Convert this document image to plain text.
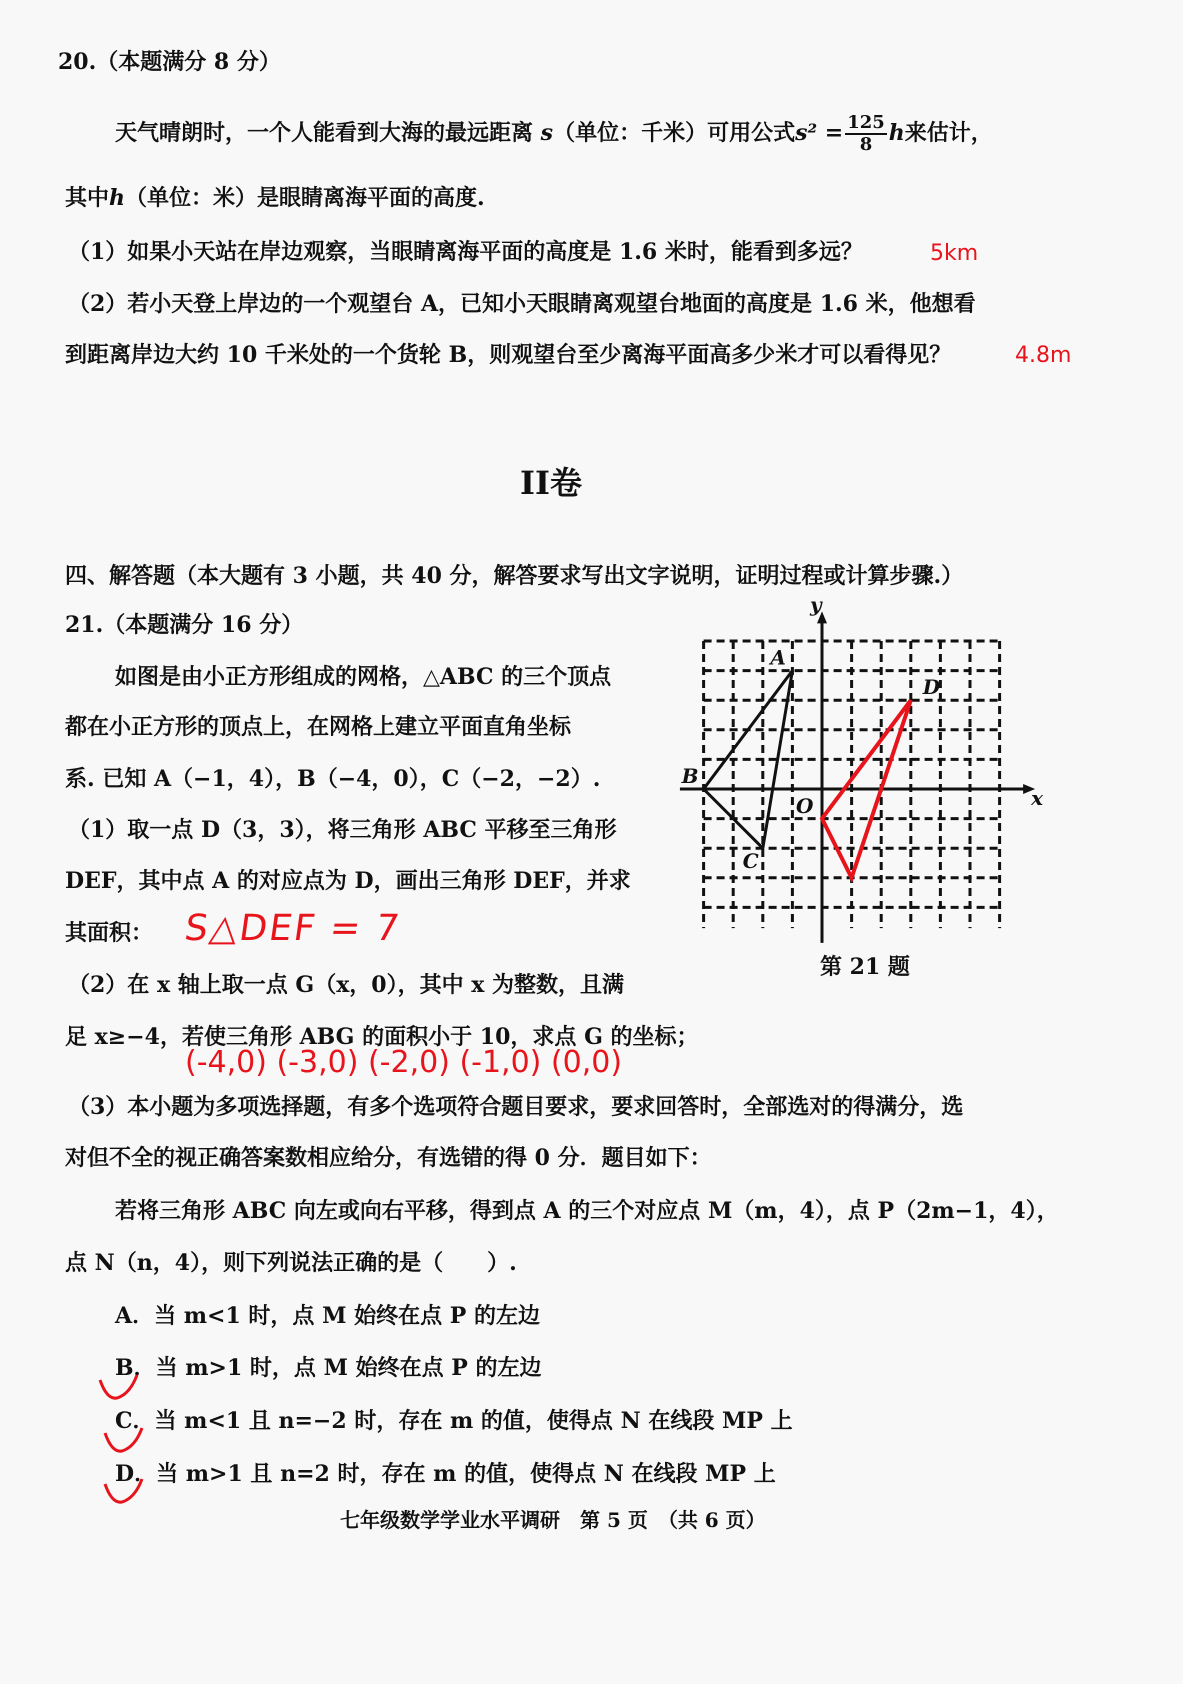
20.（本题满分 8 分）
天气晴朗时，一个人能看到大海的最远距离 s（单位：千米）可用公式$s^2 = \frac{125}{8}$ h来估计，
其中h（单位：米）是眼睛离海平面的高度.
（1）如果小天站在岸边观察，当眼睛离海平面的高度是 1.6 米时，能看到多远？	5km
（2）若小天登上岸边的一个观望台 A，已知小天眼睛离观望台地面的高度是 1.6 米，他想看
到距离岸边大约 10 千米处的一个货轮 B，则观望台至少离海平面高多少米才可以看得见？	4.8m
II卷
四、解答题（本大题有 3 小题，共 40 分，解答要求写出文字说明，证明过程或计算步骤.）
21.（本题满分 16 分）
如图是由小正方形组成的网格，△ABC 的三个顶点
都在小正方形的顶点上，在网格上建立平面直角坐标
系. 已知 A（−1，4），B（−4，0），C（−2，−2）.
（1）取一点 D（3，3），将三角形 ABC 平移至三角形
DEF，其中点 A 的对应点为 D，画出三角形 DEF，并求
其面积： S△DEF = 7
A
B
C
D
O	x
y
第 21 题
（2）在 x 轴上取一点 G（x，0），其中 x 为整数，且满
足 x≥−4，若使三角形 ABG 的面积小于 10，求点 G 的坐标；
(-4,0) (-3,0) (-2,0) (-1,0) (0,0)
（3）本小题为多项选择题，有多个选项符合题目要求，要求回答时，全部选对的得满分，选
对但不全的视正确答案数相应给分，有选错的得 0 分．题目如下：
若将三角形 ABC 向左或向右平移，得到点 A 的三个对应点 M（m，4），点 P（2m−1，4），
点 N（n，4），则下列说法正确的是（　　）.
A．当 m<1 时，点 M 始终在点 P 的左边
B．当 m>1 时，点 M 始终在点 P 的左边
C．当 m<1 且 n=−2 时，存在 m 的值，使得点 N 在线段 MP 上
D．当 m>1 且 n=2 时，存在 m 的值，使得点 N 在线段 MP 上
七年级数学学业水平调研　第 5 页　（共 6 页）
